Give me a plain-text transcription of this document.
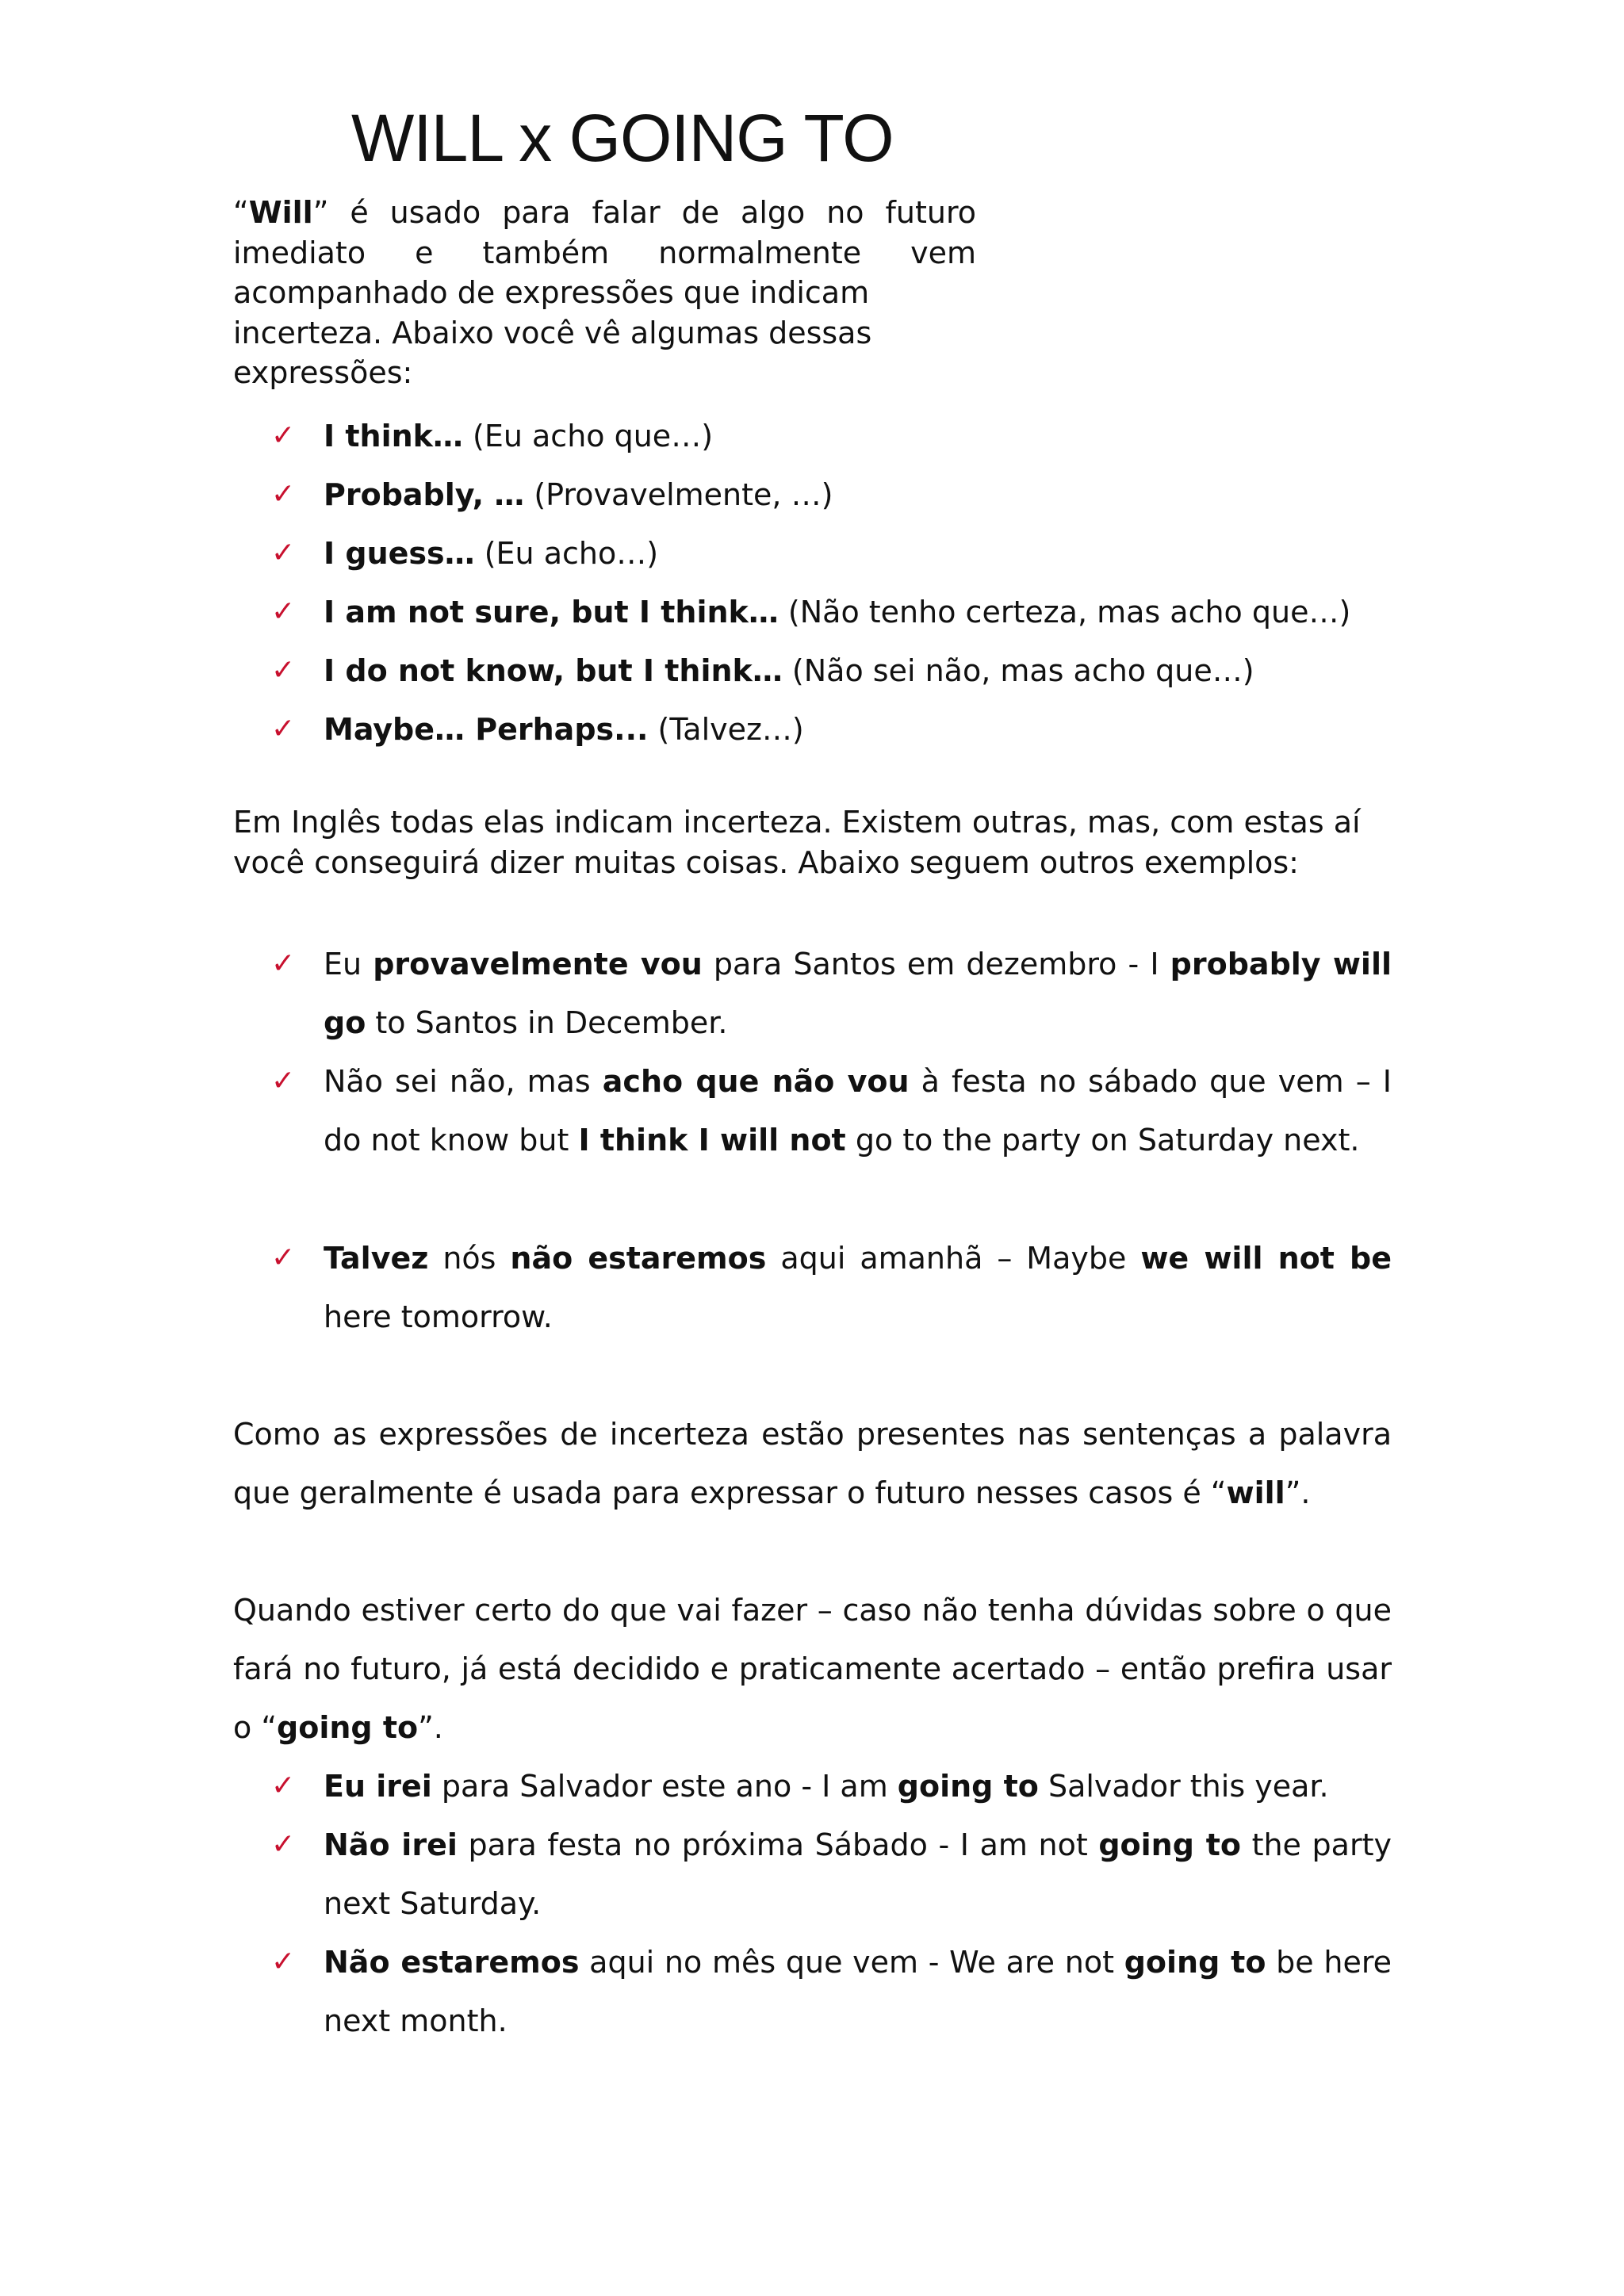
WILL x GOING TO

“Will” é usado para falar de algo no futuro imediato e também normalmente vem acompanhado de expressões que indicam
incerteza. Abaixo você vê algumas dessas expressões:

✓ I think… (Eu acho que…)
✓ Probably, … (Provavelmente, …)
✓ I guess… (Eu acho…)
✓ I am not sure, but I think… (Não tenho certeza, mas acho que…)
✓ I do not know, but I think… (Não sei não, mas acho que…)
✓ Maybe… Perhaps... (Talvez…)

Em Inglês todas elas indicam incerteza. Existem outras, mas, com estas aí você conseguirá dizer muitas coisas. Abaixo seguem outros exemplos:

✓ Eu provavelmente vou para Santos em dezembro - I probably will go to Santos in December.
✓ Não sei não, mas acho que não vou à festa no sábado que vem – I do not know but I think I will not go to the party on Saturday next.
✓ Talvez nós não estaremos aqui amanhã – Maybe we will not be here tomorrow.

Como as expressões de incerteza estão presentes nas sentenças a palavra que geralmente é usada para expressar o futuro nesses casos é “will”.

Quando estiver certo do que vai fazer – caso não tenha dúvidas sobre o que fará no futuro, já está decidido e praticamente acertado – então prefira usar o “going to”.

✓ Eu irei para Salvador este ano - I am going to Salvador this year.
✓ Não irei para festa no próxima Sábado - I am not going to the party next Saturday.
✓ Não estaremos aqui no mês que vem - We are not going to be here next month.
